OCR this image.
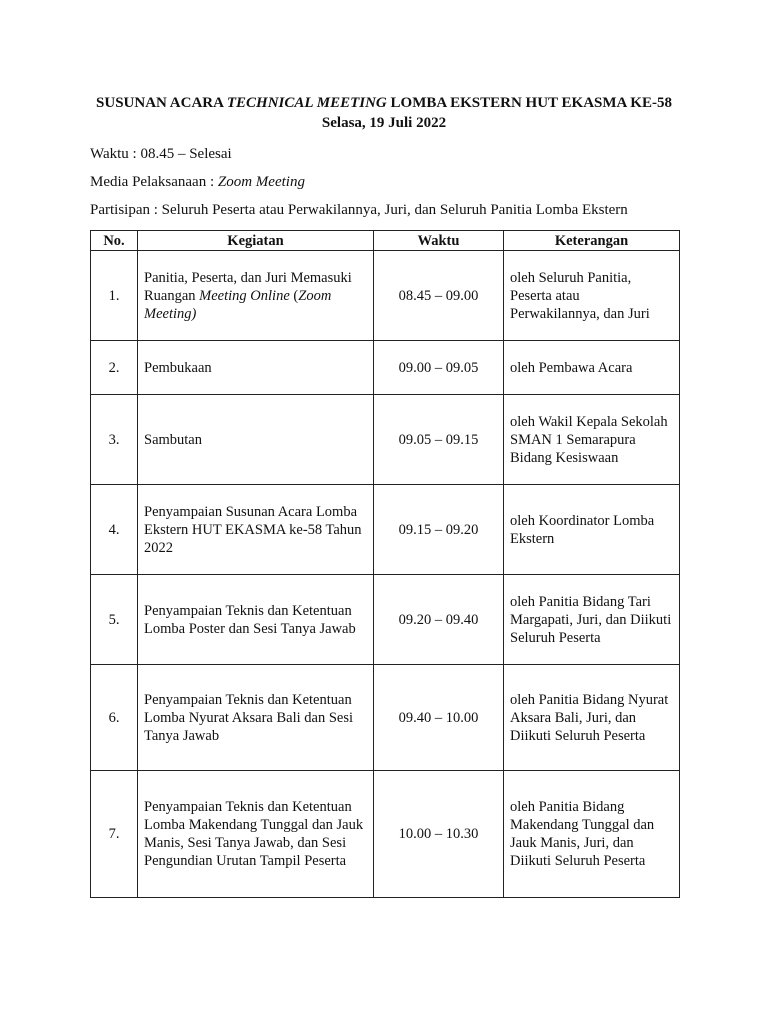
SUSUNAN ACARA TECHNICAL MEETING LOMBA EKSTERN HUT EKASMA KE-58
Selasa, 19 Juli 2022
Waktu : 08.45 – Selesai
Media Pelaksanaan : Zoom Meeting
Partisipan : Seluruh Peserta atau Perwakilannya, Juri, dan Seluruh Panitia Lomba Ekstern
No.	Kegiatan	Waktu	Keterangan
1.	Panitia, Peserta, dan Juri Memasuki Ruangan Meeting Online (Zoom Meeting)	08.45 – 09.00	oleh Seluruh Panitia, Peserta atau Perwakilannya, dan Juri
2.	Pembukaan	09.00 – 09.05	oleh Pembawa Acara
3.	Sambutan	09.05 – 09.15	oleh Wakil Kepala Sekolah SMAN 1 Semarapura Bidang Kesiswaan
4.	Penyampaian Susunan Acara Lomba Ekstern HUT EKASMA ke-58 Tahun 2022	09.15 – 09.20	oleh Koordinator Lomba Ekstern
5.	Penyampaian Teknis dan Ketentuan Lomba Poster dan Sesi Tanya Jawab	09.20 – 09.40	oleh Panitia Bidang Tari Margapati, Juri, dan Diikuti Seluruh Peserta
6.	Penyampaian Teknis dan Ketentuan Lomba Nyurat Aksara Bali dan Sesi Tanya Jawab	09.40 – 10.00	oleh Panitia Bidang Nyurat Aksara Bali, Juri, dan Diikuti Seluruh Peserta
7.	Penyampaian Teknis dan Ketentuan Lomba Makendang Tunggal dan Jauk Manis, Sesi Tanya Jawab, dan Sesi Pengundian Urutan Tampil Peserta	10.00 – 10.30	oleh Panitia Bidang Makendang Tunggal dan Jauk Manis, Juri, dan Diikuti Seluruh Peserta
